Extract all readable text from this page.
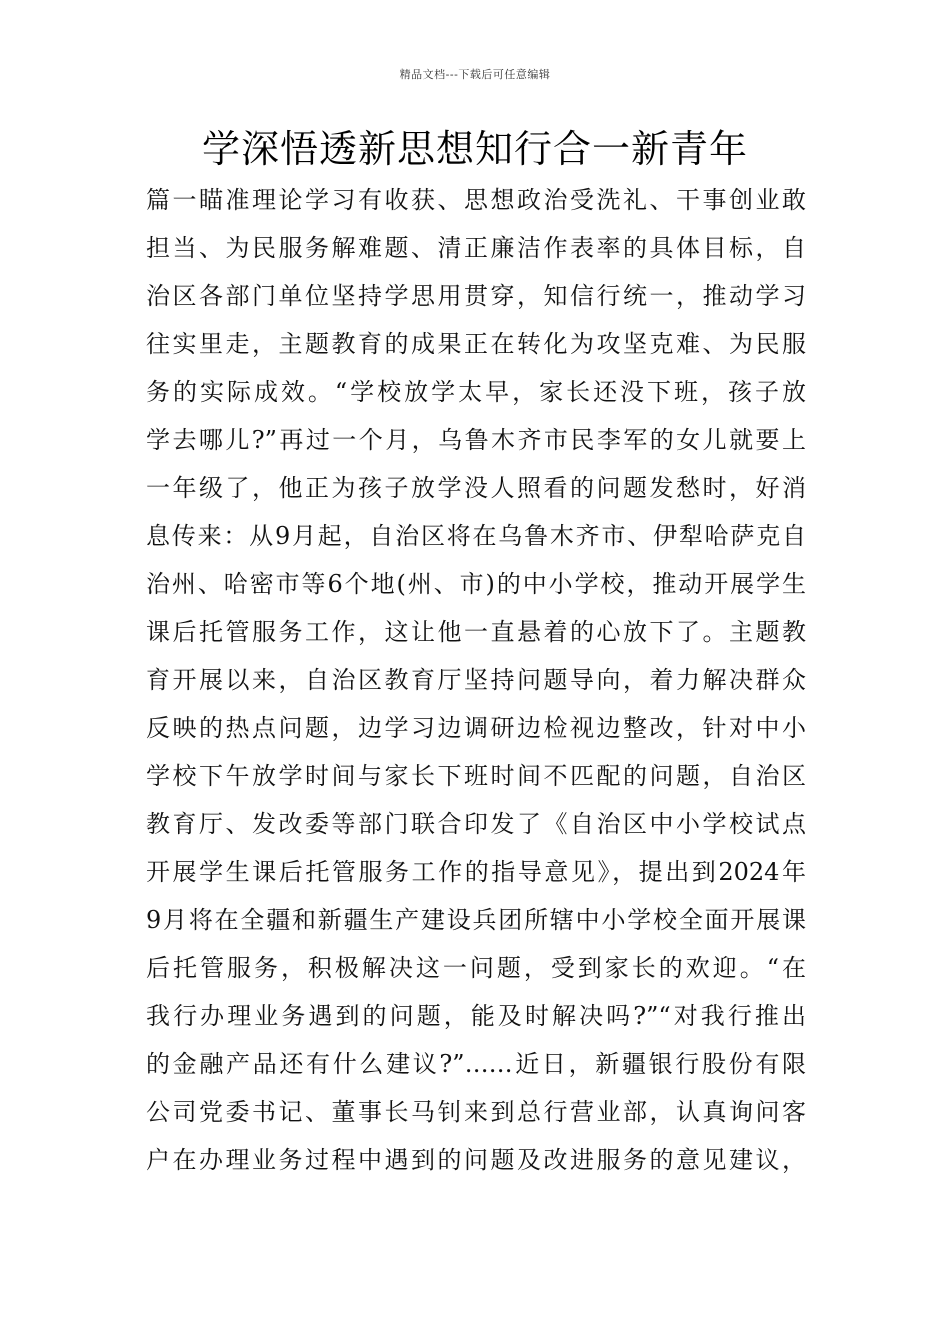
精品文档---下载后可任意编辑
学深悟透新思想知行合一新青年
篇一瞄准理论学习有收获、思想政治受洗礼、干事创业敢
担当、为民服务解难题、清正廉洁作表率的具体目标，自
治区各部门单位坚持学思用贯穿，知信行统一，推动学习
往实里走，主题教育的成果正在转化为攻坚克难、为民服
务的实际成效。“学校放学太早，家长还没下班，孩子放
学去哪儿?”再过一个月，乌鲁木齐市民李军的女儿就要上
一年级了，他正为孩子放学没人照看的问题发愁时，好消
息传来：从9月起，自治区将在乌鲁木齐市、伊犁哈萨克自
治州、哈密市等6个地(州、市)的中小学校，推动开展学生
课后托管服务工作，这让他一直悬着的心放下了。主题教
育开展以来，自治区教育厅坚持问题导向，着力解决群众
反映的热点问题，边学习边调研边检视边整改，针对中小
学校下午放学时间与家长下班时间不匹配的问题，自治区
教育厅、发改委等部门联合印发了《自治区中小学校试点
开展学生课后托管服务工作的指导意见》，提出到2024年
9月将在全疆和新疆生产建设兵团所辖中小学校全面开展课
后托管服务，积极解决这一问题，受到家长的欢迎。“在
我行办理业务遇到的问题，能及时解决吗?”“对我行推出
的金融产品还有什么建议?”……近日，新疆银行股份有限
公司党委书记、董事长马钊来到总行营业部，认真询问客
户在办理业务过程中遇到的问题及改进服务的意见建议，
